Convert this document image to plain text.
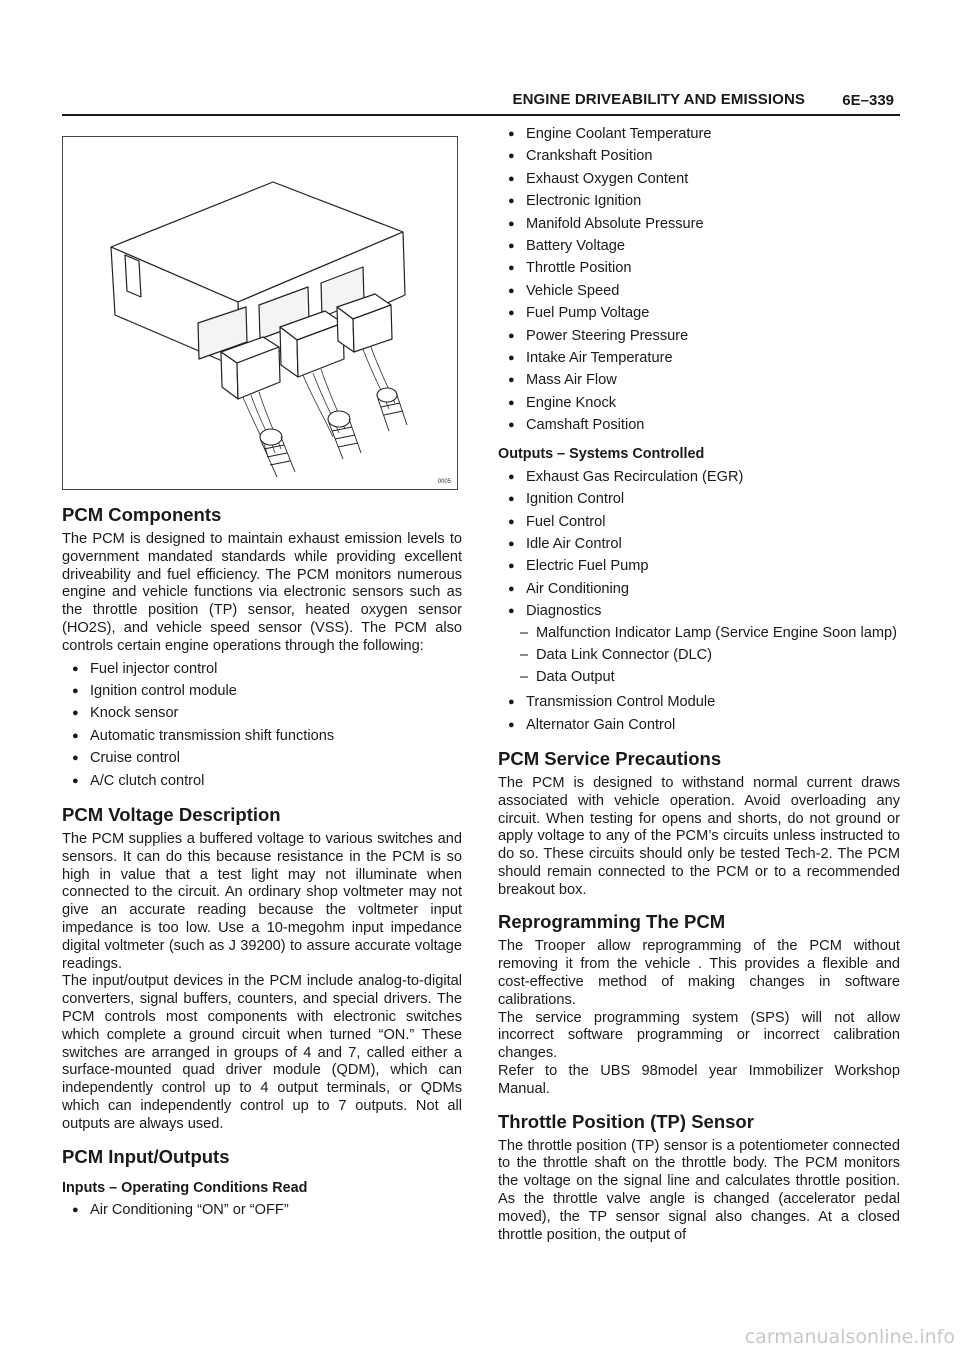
ENGINE DRIVEABILITY AND EMISSIONS 6E–339
0005
PCM Components

The PCM is designed to maintain exhaust emission levels to government mandated standards while providing excellent driveability and fuel efficiency. The PCM monitors numerous engine and vehicle functions via electronic sensors such as the throttle position (TP) sensor, heated oxygen sensor (HO2S), and vehicle speed sensor (VSS). The PCM also controls certain engine operations through the following:

● Fuel injector control
● Ignition control module
● Knock sensor
● Automatic transmission shift functions
● Cruise control
● A/C clutch control
PCM Voltage Description

The PCM supplies a buffered voltage to various switches and sensors. It can do this because resistance in the PCM is so high in value that a test light may not illuminate when connected to the circuit. An ordinary shop voltmeter may not give an accurate reading because the voltmeter input impedance is too low. Use a 10-megohm input impedance digital voltmeter (such as J 39200) to assure accurate voltage readings.

The input/output devices in the PCM include analog-to-digital converters, signal buffers, counters, and special drivers. The PCM controls most components with electronic switches which complete a ground circuit when turned “ON.” These switches are arranged in groups of 4 and 7, called either a surface-mounted quad driver module (QDM), which can independently control up to 4 output terminals, or QDMs which can independently control up to 7 outputs. Not all outputs are always used.

PCM Input/Outputs

Inputs – Operating Conditions Read

● Air Conditioning “ON” or “OFF”
● Engine Coolant Temperature
● Crankshaft Position
● Exhaust Oxygen Content
● Electronic Ignition
● Manifold Absolute Pressure
● Battery Voltage
● Throttle Position
● Vehicle Speed
● Fuel Pump Voltage
● Power Steering Pressure
● Intake Air Temperature
● Mass Air Flow
● Engine Knock
● Camshaft Position

Outputs – Systems Controlled

● Exhaust Gas Recirculation (EGR)
● Ignition Control
● Fuel Control
● Idle Air Control
● Electric Fuel Pump
● Air Conditioning
● Diagnostics
– Malfunction Indicator Lamp (Service Engine Soon lamp)
– Data Link Connector (DLC)
– Data Output
● Transmission Control Module
● Alternator Gain Control
PCM Service Precautions

The PCM is designed to withstand normal current draws associated with vehicle operation. Avoid overloading any circuit. When testing for opens and shorts, do not ground or apply voltage to any of the PCM’s circuits unless instructed to do so. These circuits should only be tested Tech-2. The PCM should remain connected to the PCM or to a recommended breakout box.

Reprogramming The PCM

The Trooper allow reprogramming of the PCM without removing it from the vehicle . This provides a flexible and cost-effective method of making changes in software calibrations.

The service programming system (SPS) will not allow incorrect software programming or incorrect calibration changes.

Refer to the UBS 98model year Immobilizer Workshop Manual.

Throttle Position (TP) Sensor

The throttle position (TP) sensor is a potentiometer connected to the throttle shaft on the throttle body. The PCM monitors the voltage on the signal line and calculates throttle position. As the throttle valve angle is changed (accelerator pedal moved), the TP sensor signal also changes. At a closed throttle position, the output of

carmanualsonline.info
